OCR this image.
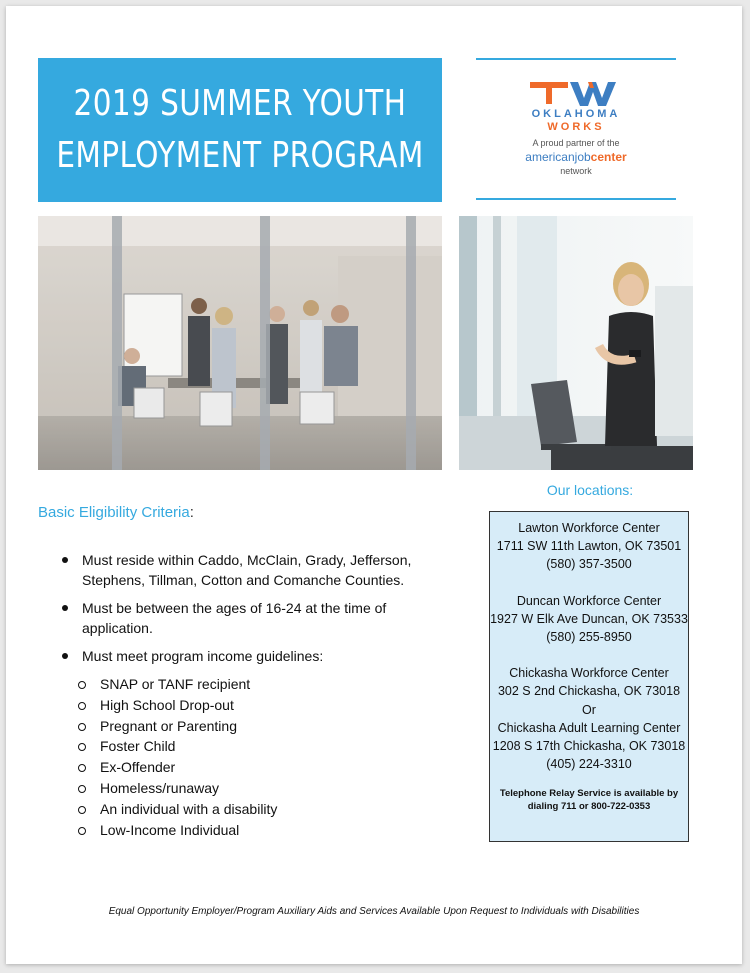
2019 SUMMER YOUTH
EMPLOYMENT PROGRAM
OKLAHOMA
WORKS
A proud partner of the
americanjobcenter
network
Basic Eligibility Criteria:
Must reside within Caddo, McClain, Grady, Jefferson, Stephens, Tillman, Cotton and Comanche Counties.
Must be between the ages of 16-24 at the time of application.
Must meet program income guidelines:
SNAP or TANF recipient
High School Drop-out
Pregnant or Parenting
Foster Child
Ex-Offender
Homeless/runaway
An individual with a disability
Low-Income Individual
Our locations:
Lawton Workforce Center
1711 SW 11th Lawton, OK 73501
(580) 357-3500
Duncan Workforce Center
1927 W Elk Ave Duncan, OK 73533
(580) 255-8950
Chickasha Workforce Center
302 S 2nd Chickasha, OK 73018
Or
Chickasha Adult Learning Center
1208 S 17th Chickasha, OK 73018
(405) 224-3310
Telephone Relay Service is available by dialing 711 or 800-722-0353
Equal Opportunity Employer/Program Auxiliary Aids and Services Available Upon Request to Individuals with Disabilities
